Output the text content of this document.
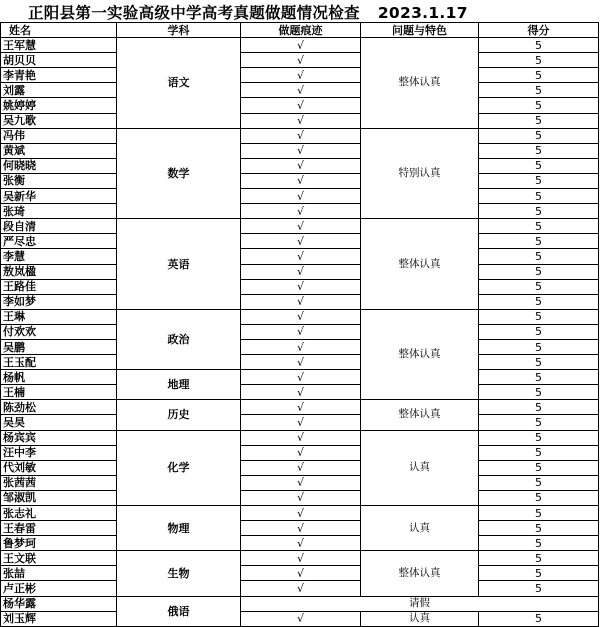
正阳县第一实验高级中学高考真题做题情况检查 2023.1.17
姓名	学科	做题痕迹	问题与特色	得分
王军慧	语文	√	整体认真	5
胡贝贝		√		5
李青艳		√		5
刘露		√		5
姚婷婷		√		5
吴九歌		√		5
冯伟	数学	√	特别认真	5
黄斌		√		5
何晓晓		√		5
张衡		√		5
吴新华		√		5
张琦		√		5
段自清	英语	√	整体认真	5
严尽忠		√		5
李慧		√		5
敖岚楹		√		5
王路佳		√		5
李如梦		√		5
王琳	政治	√	整体认真	5
付欢欢		√		5
吴鹏		√		5
王玉配		√		5
杨帆	地理	√		5
王楠		√		5
陈劲松	历史	√	整体认真	5
吴昊		√		5
杨宾宾	化学	√	认真	5
汪中李		√		5
代刘敏		√		5
张茜茜		√		5
邹淑凯		√		5
张志礼	物理	√	认真	5
王春雷		√		5
鲁梦珂		√		5
王文联	生物	√	整体认真	5
张喆		√		5
卢正彬		√		5
杨华露	俄语	请假		
刘玉辉		√	认真	5
